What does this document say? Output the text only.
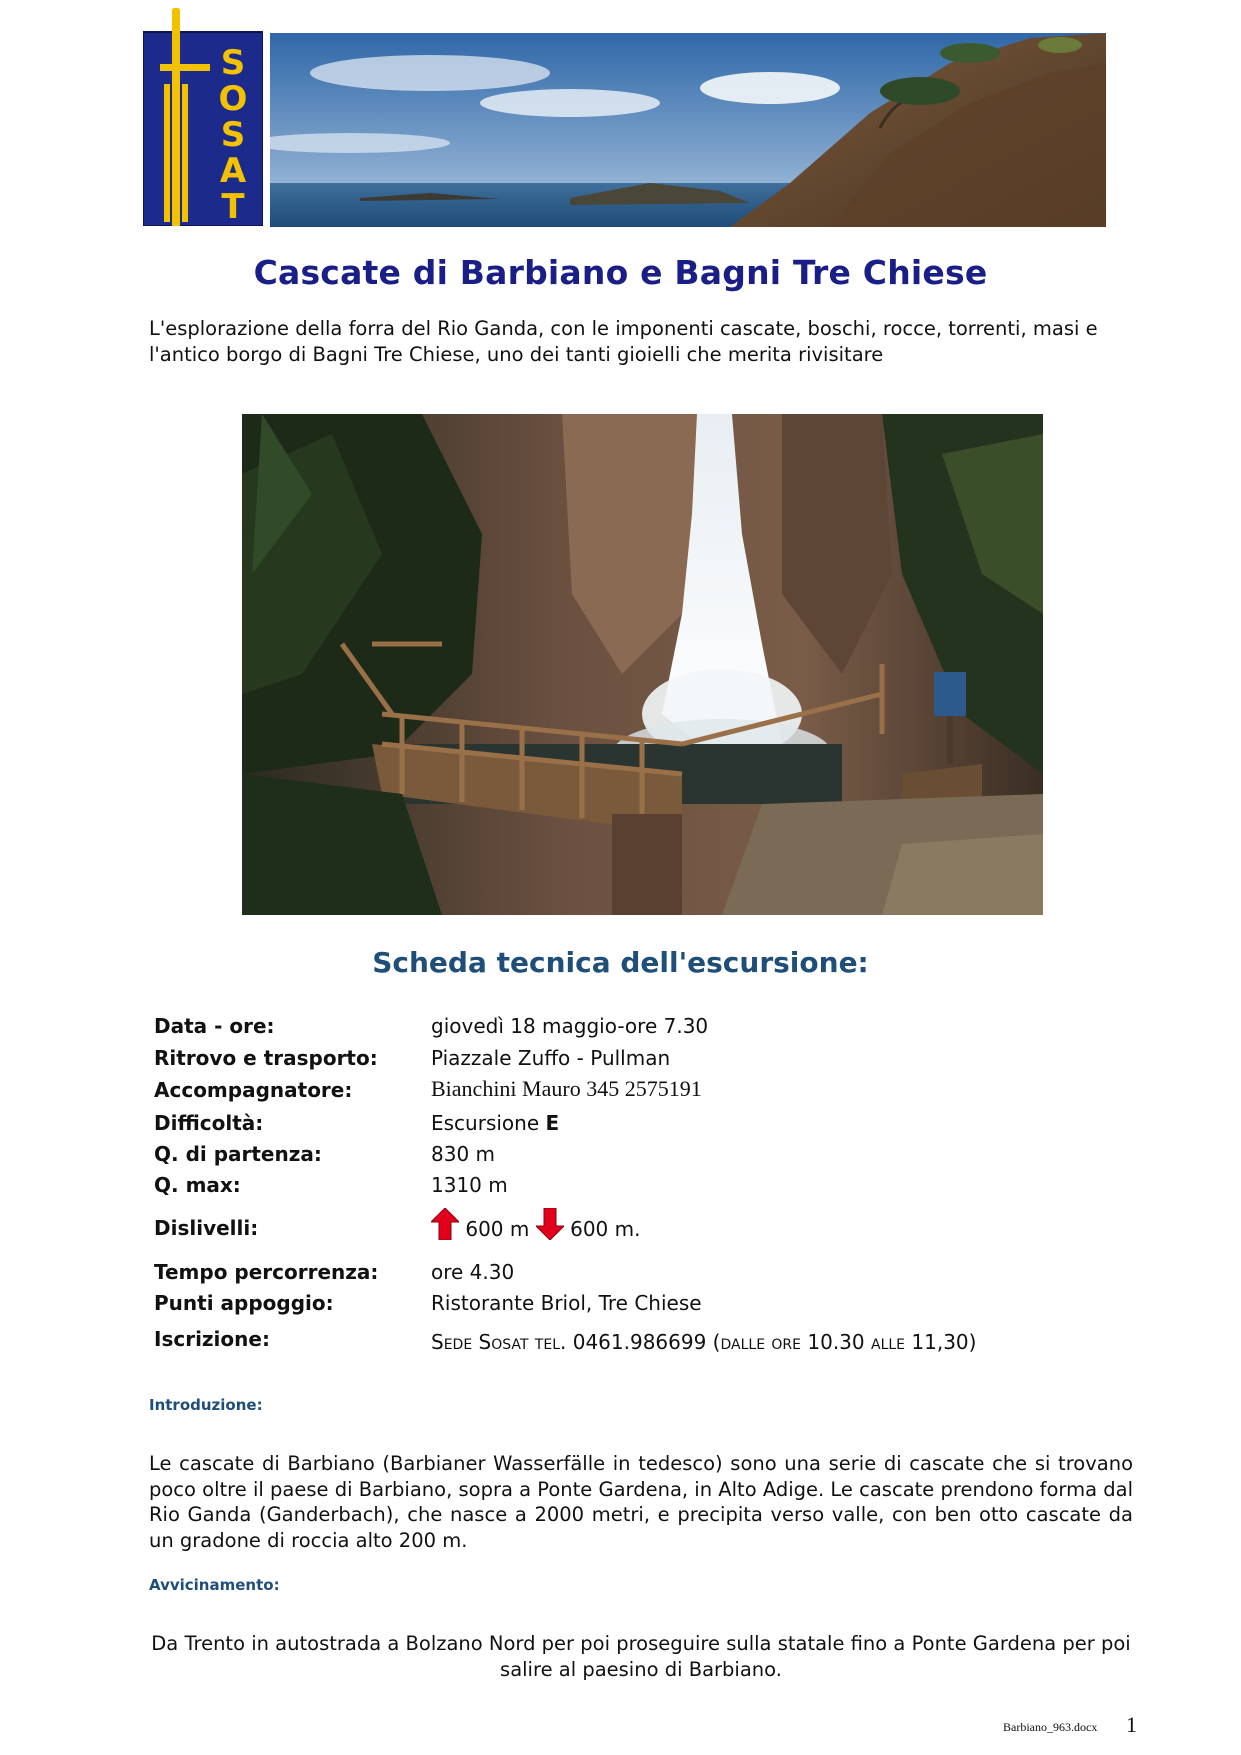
S
O
S
A
T
Cascate di Barbiano e Bagni Tre Chiese
L'esplorazione della forra del Rio Ganda, con le imponenti cascate, boschi, rocce, torrenti, masi e l'antico borgo di Bagni Tre Chiese, uno dei tanti gioielli che merita rivisitare
Scheda tecnica dell'escursione:
Data - ore:	giovedì 18 maggio-ore 7.30
Ritrovo e trasporto:	Piazzale Zuffo - Pullman
Accompagnatore:	Bianchini Mauro 345 2575191
Difficoltà:	Escursione E
Q. di partenza:	830 m
Q. max:	1310 m
Dislivelli:	600 m 600 m.
Tempo percorrenza:	ore 4.30
Punti appoggio:	Ristorante Briol, Tre Chiese
Iscrizione:	Sede Sosat tel. 0461.986699 (dalle ore 10.30 alle 11,30)
Introduzione:
Le cascate di Barbiano (Barbianer Wasserfälle in tedesco) sono una serie di cascate che si trovano poco oltre il paese di Barbiano, sopra a Ponte Gardena, in Alto Adige. Le cascate prendono forma dal Rio Ganda (Ganderbach), che nasce a 2000 metri, e precipita verso valle, con ben otto cascate da un gradone di roccia alto 200 m.
Avvicinamento:
Da Trento in autostrada a Bolzano Nord per poi proseguire sulla statale fino a Ponte Gardena per poi salire al paesino di Barbiano.
Barbiano_963.docx 1
